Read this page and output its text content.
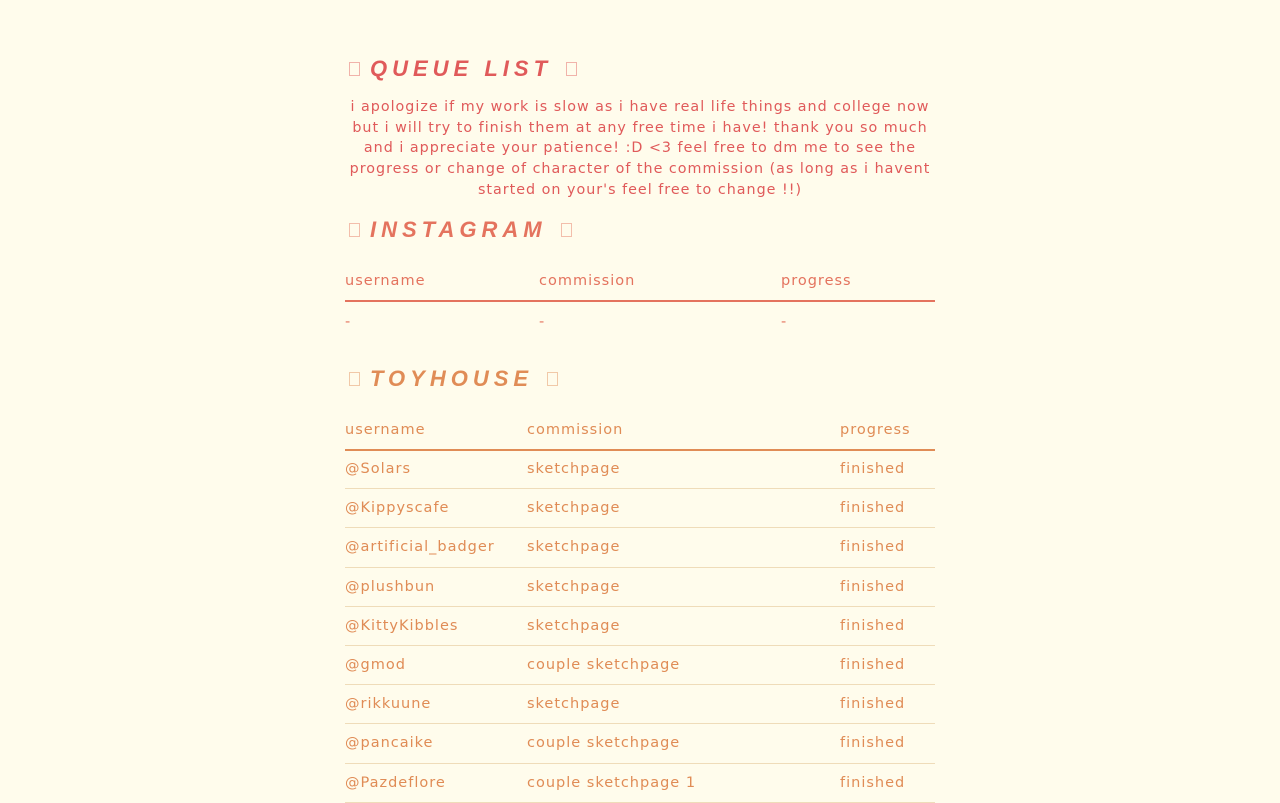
QUEUE LIST

i apologize if my work is slow as i have real life things and college now but i will try to finish them at any free time i have! thank you so much and i appreciate your patience! :D <3 feel free to dm me to see the progress or change of character of the commission (as long as i havent started on your's feel free to change !!)

INSTAGRAM
username	commission	progress
-	-	-
TOYHOUSE
username	commission	progress
@Solars	sketchpage	finished
@Kippyscafe	sketchpage	finished
@artificial_badger	sketchpage	finished
@plushbun	sketchpage	finished
@KittyKibbles	sketchpage	finished
@gmod	couple sketchpage	finished
@rikkuune	sketchpage	finished
@pancaike	couple sketchpage	finished
@Pazdeflore	couple sketchpage 1	finished
